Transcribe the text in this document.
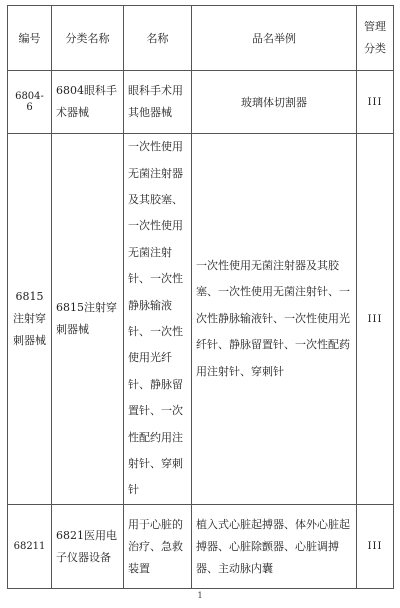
编号	分类名称	名称	品名举例	管理分类
6804-6	6804眼科手术器械	眼科手术用其他器械	玻璃体切割器	III
6815注射穿刺器械	6815注射穿刺器械	一次性使用无菌注射器及其胶塞、一次性使用无菌注射针、一次性静脉输液针、一次性使用光纤针、静脉留置针、一次性配约用注射针、穿刺针	一次性使用无菌注射器及其胶塞、一次性使用无菌注射针、一次性静脉输液针、一次性使用光纤针、静脉留置针、一次性配药用注射针、穿刺针	III
68211	6821医用电子仪器设备	用于心脏的治疗、急救装置	植入式心脏起搏器、体外心脏起搏器、心脏除颤器、心脏调搏器、主动脉内囊	III
1
